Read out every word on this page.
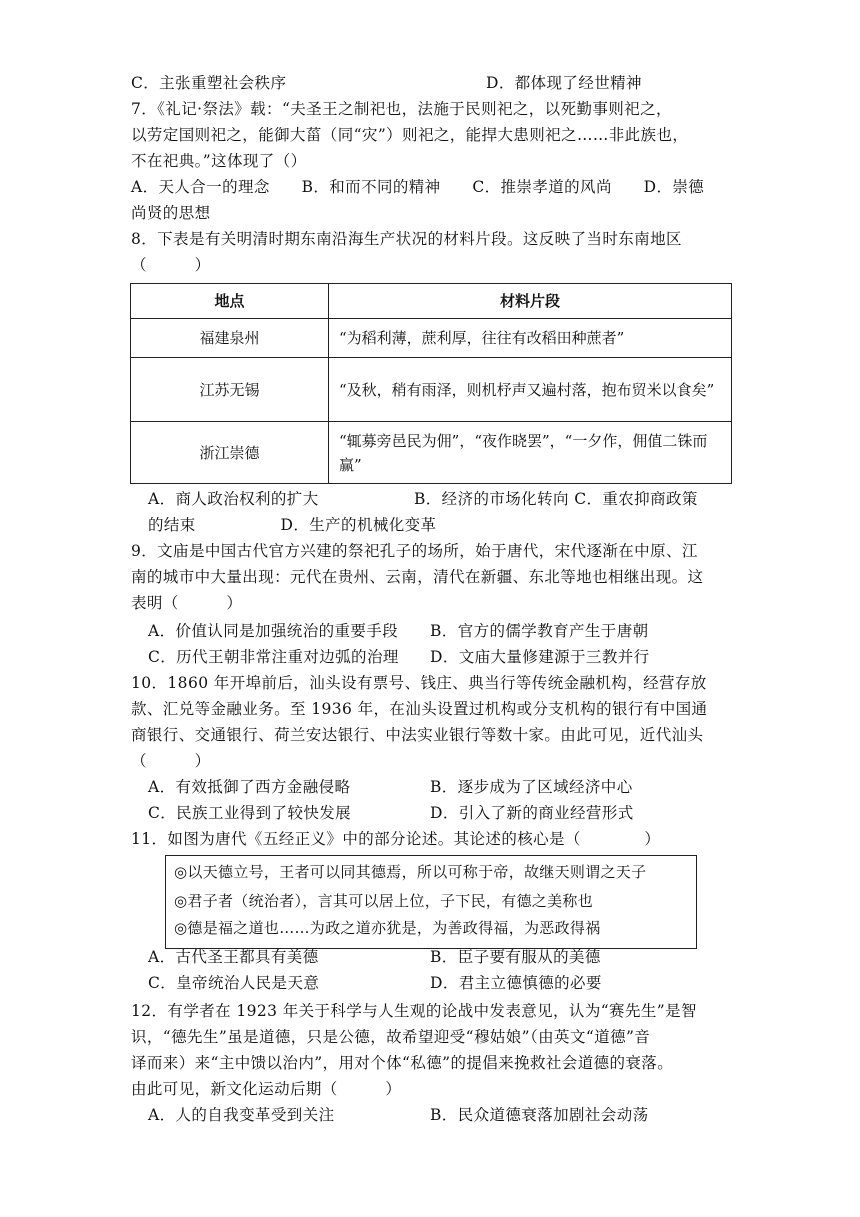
C．主张重塑社会秩序	D．都体现了经世精神
7．《礼记·祭法》载：“夫圣王之制祀也，法施于民则祀之，以死勤事则祀之，
以劳定国则祀之，能御大菑（同“灾”）则祀之，能捍大患则祀之……非此族也，
不在祀典。”这体现了（）
A．天人合一的理念　　B．和而不同的精神　　C．推崇孝道的风尚　　D．崇德
尚贤的思想
8．下表是有关明清时期东南沿海生产状况的材料片段。这反映了当时东南地区
（　　　）
地点	材料片段
福建泉州	“为稻利薄，蔗利厚，往往有改稻田种蔗者”
江苏无锡	“及秋，稍有雨泽，则机杼声又遍村落，抱布贸米以食矣”
浙江崇德	“辄募旁邑民为佣”，“夜作晓罢”，“一夕作，佣值二铢而赢”
A．商人政治权利的扩大　　　　　　B．经济的市场化转向 C．重农抑商政策
的结束　　　　　 D．生产的机械化变革
9．文庙是中国古代官方兴建的祭祀孔子的场所，始于唐代，宋代逐渐在中原、江
南的城市中大量出现：元代在贵州、云南，清代在新疆、东北等地也相继出现。这
表明（　　　）
A．价值认同是加强统治的重要手段 B．官方的儒学教育产生于唐朝
C．历代王朝非常注重对边弧的治理 D．文庙大量修建源于三教并行
10．1860 年开埠前后，汕头设有票号、钱庄、典当行等传统金融机构，经营存放
款、汇兑等金融业务。至 1936 年，在汕头设置过机构或分支机构的银行有中国通
商银行、交通银行、荷兰安达银行、中法实业银行等数十家。由此可见，近代汕头
（　　　）
A．有效抵御了西方金融侵略	B．逐步成为了区域经济中心
C．民族工业得到了较快发展	D．引入了新的商业经营形式
11．如图为唐代《五经正义》中的部分论述。其论述的核心是（　　　　）
◎以天德立号，王者可以同其德焉，所以可称于帝，故继天则谓之天子
◎君子者（统治者），言其可以居上位，子下民，有德之美称也
◎德是福之道也……为政之道亦犹是，为善政得福，为恶政得祸
A．古代圣王都具有美德	B．臣子要有服从的美德
C．皇帝统治人民是天意	D．君主立德慎德的必要
12．有学者在 1923 年关于科学与人生观的论战中发表意见，认为“赛先生”是智
识，“德先生”虽是道德，只是公德，故希望迎受“穆姑娘”（由英文“道德”音
译而来）来“主中馈以治内”，用对个体“私德”的提倡来挽救社会道德的衰落。
由此可见，新文化运动后期（　　　）
A．人的自我变革受到关注	B．民众道德衰落加剧社会动荡
